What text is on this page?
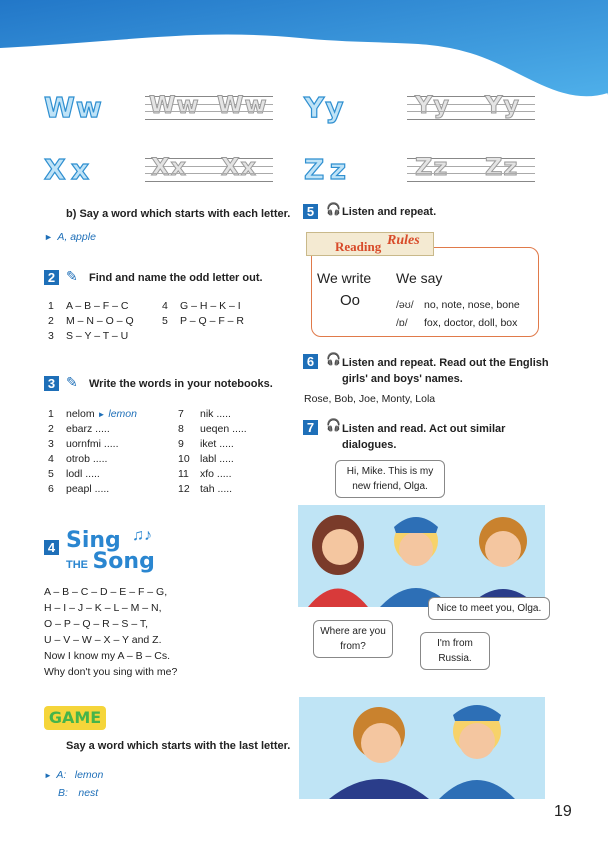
Ww Ww Ww Yy	Yy Yy
X x	Xx Xx Z z	Zz Zz
b) Say a word which starts with each letter.
► A, apple
2 ✎ Find and name the odd letter out.
1	A – B – F – C	4	G – H – K – I
2	M – N – O – Q	5	P – Q – F – R
3	S – Y – T – U		
3 ✎ Write the words in your notebooks.
1	nelom ► lemon	7	nik .....
2	ebarz .....	8	ueqen .....
3	uornfmi .....	9	iket .....
4	otrob .....	10	labl .....
5	lodl .....	11	xfo .....
6	peapl .....	12	tah .....
4 Sing
THE Song
♫♪
A – B – C – D – E – F – G,
H – I – J – K – L – M – N,
O – P – Q – R – S – T,
U – V – W – X – Y and Z.
Now I know my A – B – Cs.
Why don't you sing with me?
GAME
Say a word which starts with the last letter.
► A: lemon
B: nest
5 🎧 Listen and repeat.
Reading Rules
We write We say
Oo	/əʊ/ no, note, nose, bone
/ɒ/ fox, doctor, doll, box
6 🎧 Listen and repeat. Read out the English girls' and boys' names.
Rose, Bob, Joe, Monty, Lola
7 🎧 Listen and read. Act out similar dialogues.
Hi, Mike. This is my new friend, Olga.
Nice to meet you, Olga.
Where are you from?	I'm from Russia.
19
